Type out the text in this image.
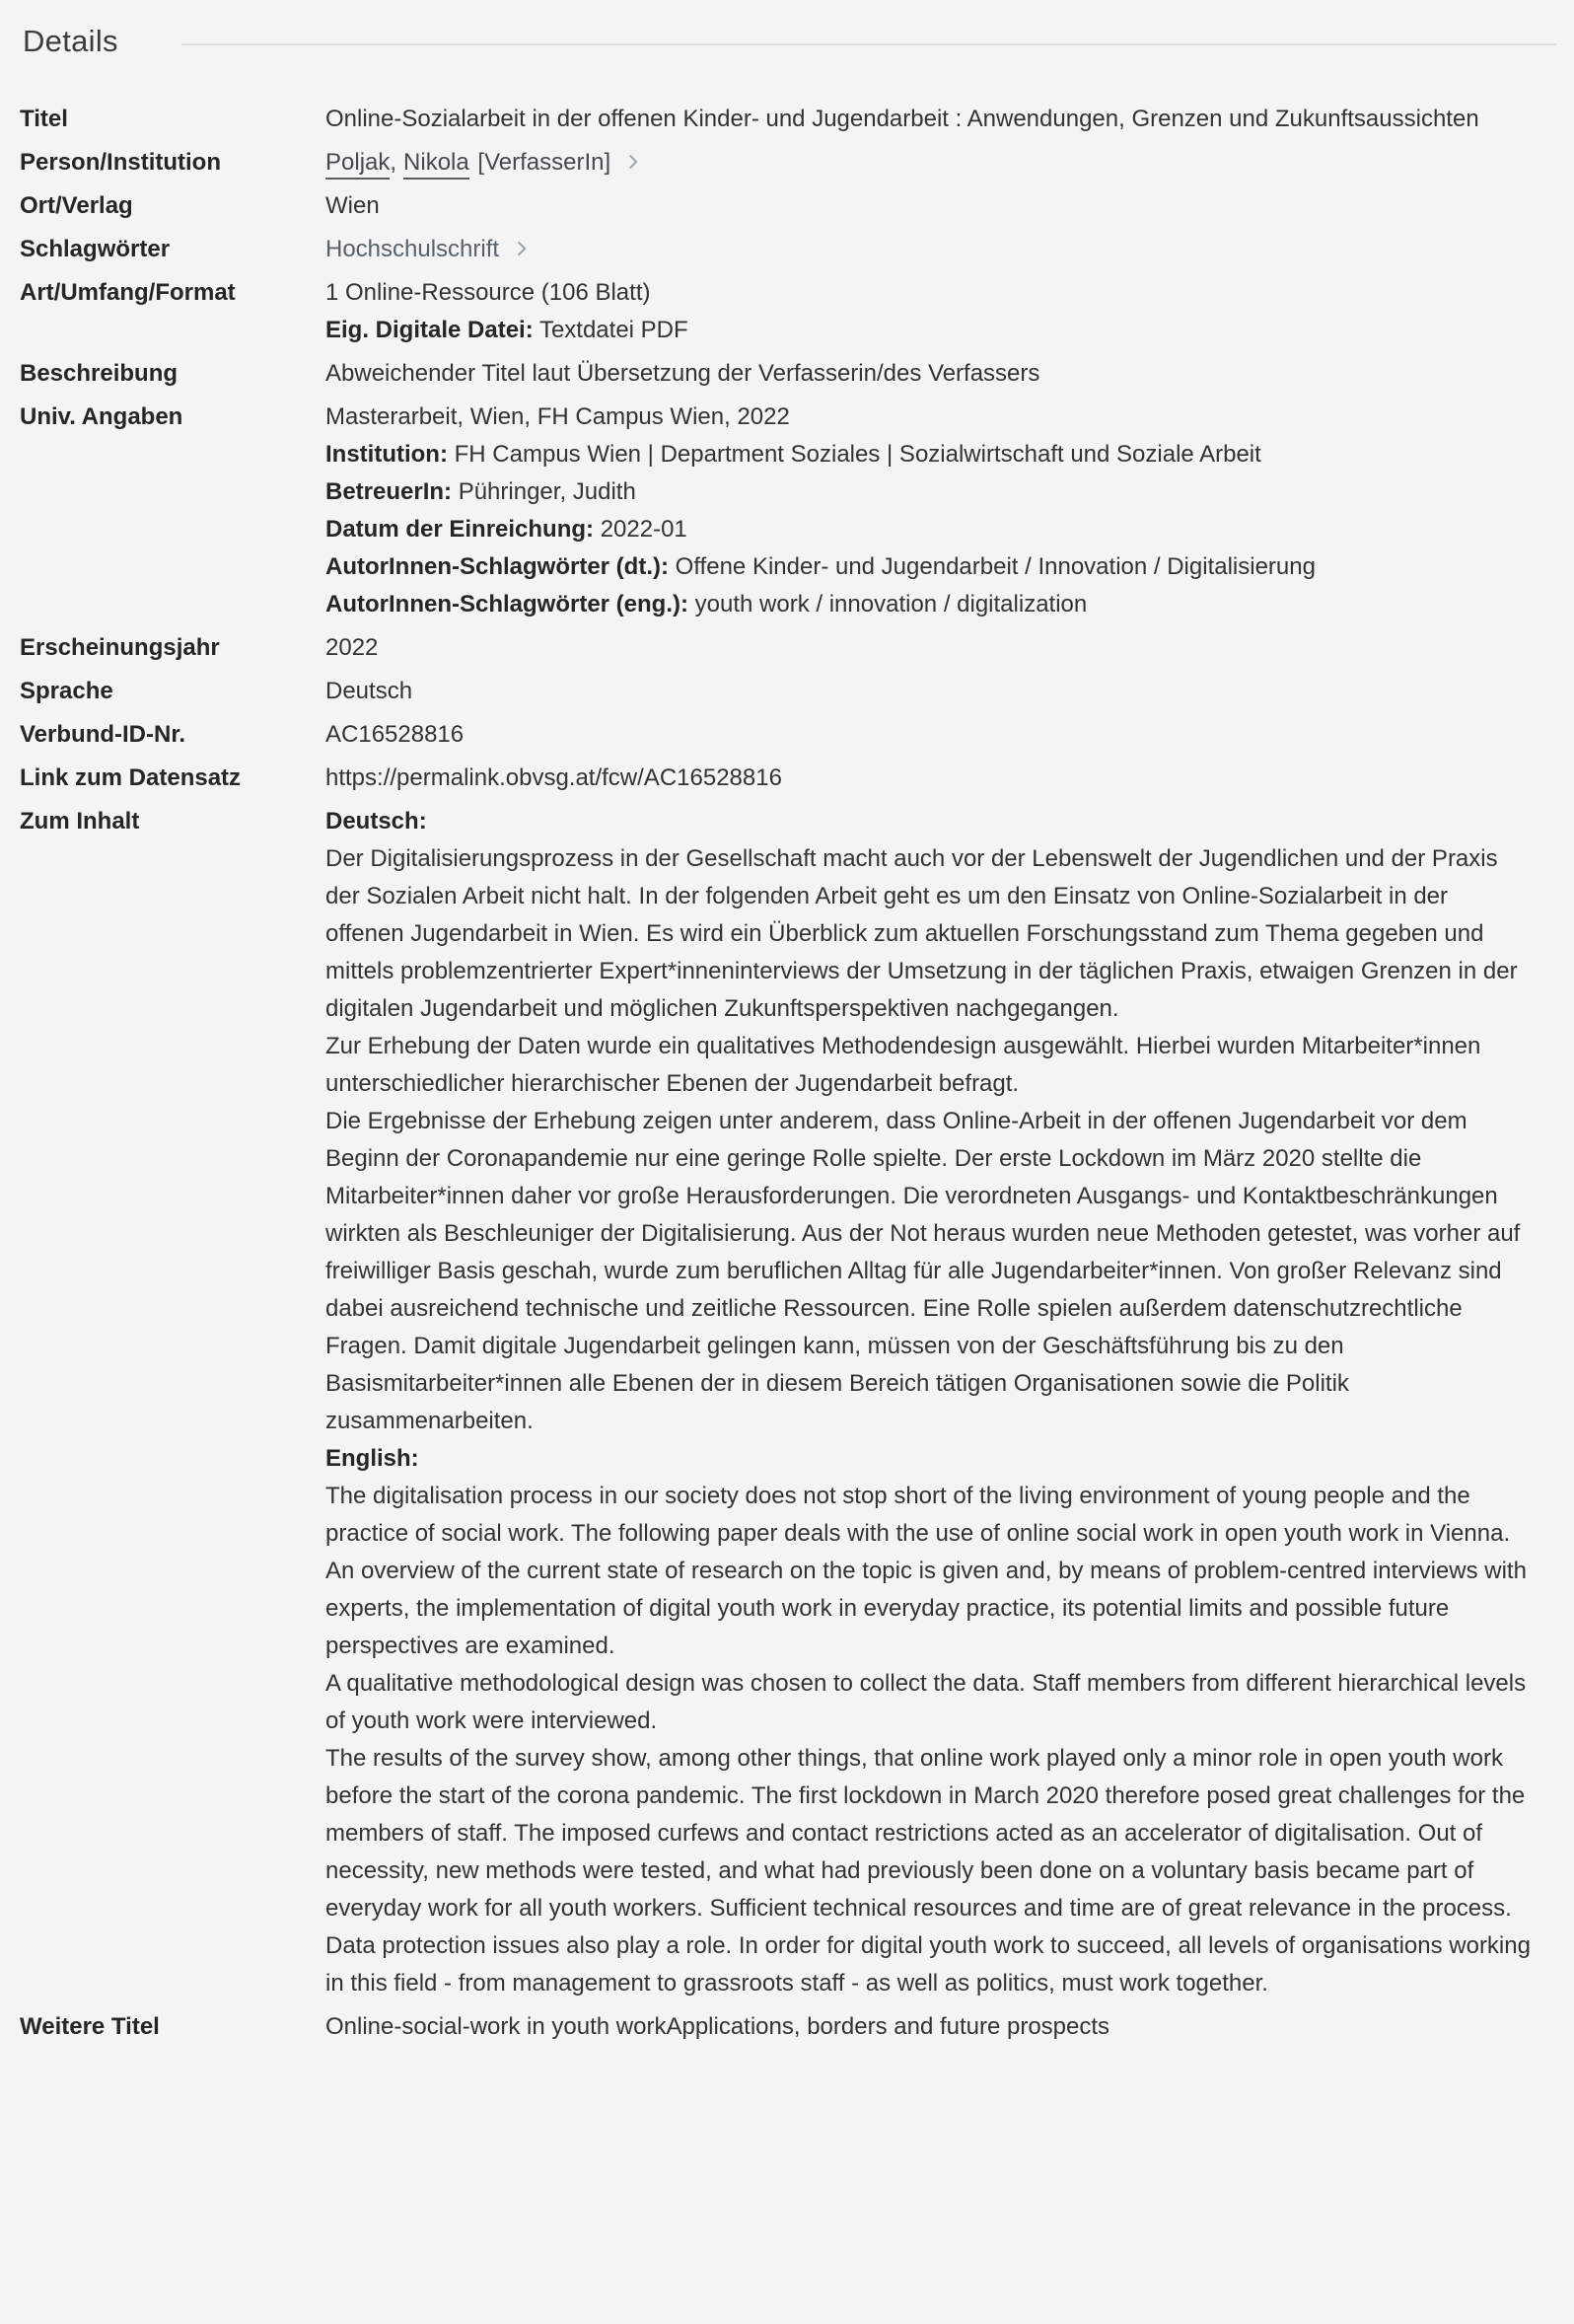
Details
Titel	Online-Sozialarbeit in der offenen Kinder- und Jugendarbeit : Anwendungen, Grenzen und Zukunftsaussichten
Person/Institution	Poljak, Nikola [VerfasserIn]
Ort/Verlag	Wien
Schlagwörter	Hochschulschrift
Art/Umfang/Format	1 Online-Ressource (106 Blatt)
Eig. Digitale Datei: Textdatei PDF
Beschreibung	Abweichender Titel laut Übersetzung der Verfasserin/des Verfassers
Univ. Angaben	Masterarbeit, Wien, FH Campus Wien, 2022
Institution: FH Campus Wien | Department Soziales | Sozialwirtschaft und Soziale Arbeit
BetreuerIn: Pühringer, Judith
Datum der Einreichung: 2022-01
AutorInnen-Schlagwörter (dt.): Offene Kinder- und Jugendarbeit / Innovation / Digitalisierung
AutorInnen-Schlagwörter (eng.): youth work / innovation / digitalization
Erscheinungsjahr	2022
Sprache	Deutsch
Verbund-ID-Nr.	AC16528816
Link zum Datensatz	https://permalink.obvsg.at/fcw/AC16528816
Zum Inhalt	Deutsch:

Der Digitalisierungsprozess in der Gesellschaft macht auch vor der Lebenswelt der Jugendlichen und der Praxis der Sozialen Arbeit nicht halt. In der folgenden Arbeit geht es um den Einsatz von Online-Sozialarbeit in der offenen Jugendarbeit in Wien. Es wird ein Überblick zum aktuellen Forschungsstand zum Thema gegeben und mittels problemzentrierter Expert*inneninterviews der Umsetzung in der täglichen Praxis, etwaigen Grenzen in der digitalen Jugendarbeit und möglichen Zukunftsperspektiven nachgegangen.

Zur Erhebung der Daten wurde ein qualitatives Methodendesign ausgewählt. Hierbei wurden Mitarbeiter*innen unterschiedlicher hierarchischer Ebenen der Jugendarbeit befragt.

Die Ergebnisse der Erhebung zeigen unter anderem, dass Online-Arbeit in der offenen Jugendarbeit vor dem Beginn der Coronapandemie nur eine geringe Rolle spielte. Der erste Lockdown im März 2020 stellte die Mitarbeiter*innen daher vor große Herausforderungen. Die verordneten Ausgangs- und Kontaktbeschränkungen wirkten als Beschleuniger der Digitalisierung. Aus der Not heraus wurden neue Methoden getestet, was vorher auf freiwilliger Basis geschah, wurde zum beruflichen Alltag für alle Jugendarbeiter*innen. Von großer Relevanz sind dabei ausreichend technische und zeitliche Ressourcen. Eine Rolle spielen außerdem datenschutzrechtliche Fragen. Damit digitale Jugendarbeit gelingen kann, müssen von der Geschäftsführung bis zu den Basismitarbeiter*innen alle Ebenen der in diesem Bereich tätigen Organisationen sowie die Politik zusammenarbeiten.

English:

The digitalisation process in our society does not stop short of the living environment of young people and the practice of social work. The following paper deals with the use of online social work in open youth work in Vienna. An overview of the current state of research on the topic is given and, by means of problem-centred interviews with experts, the implementation of digital youth work in everyday practice, its potential limits and possible future perspectives are examined.

A qualitative methodological design was chosen to collect the data. Staff members from different hierarchical levels of youth work were interviewed.

The results of the survey show, among other things, that online work played only a minor role in open youth work before the start of the corona pandemic. The first lockdown in March 2020 therefore posed great challenges for the members of staff. The imposed curfews and contact restrictions acted as an accelerator of digitalisation. Out of necessity, new methods were tested, and what had previously been done on a voluntary basis became part of everyday work for all youth workers. Sufficient technical resources and time are of great relevance in the process. Data protection issues also play a role. In order for digital youth work to succeed, all levels of organisations working in this field - from management to grassroots staff - as well as politics, must work together.

Weitere Titel	Online-social-work in youth workApplications, borders and future prospects
